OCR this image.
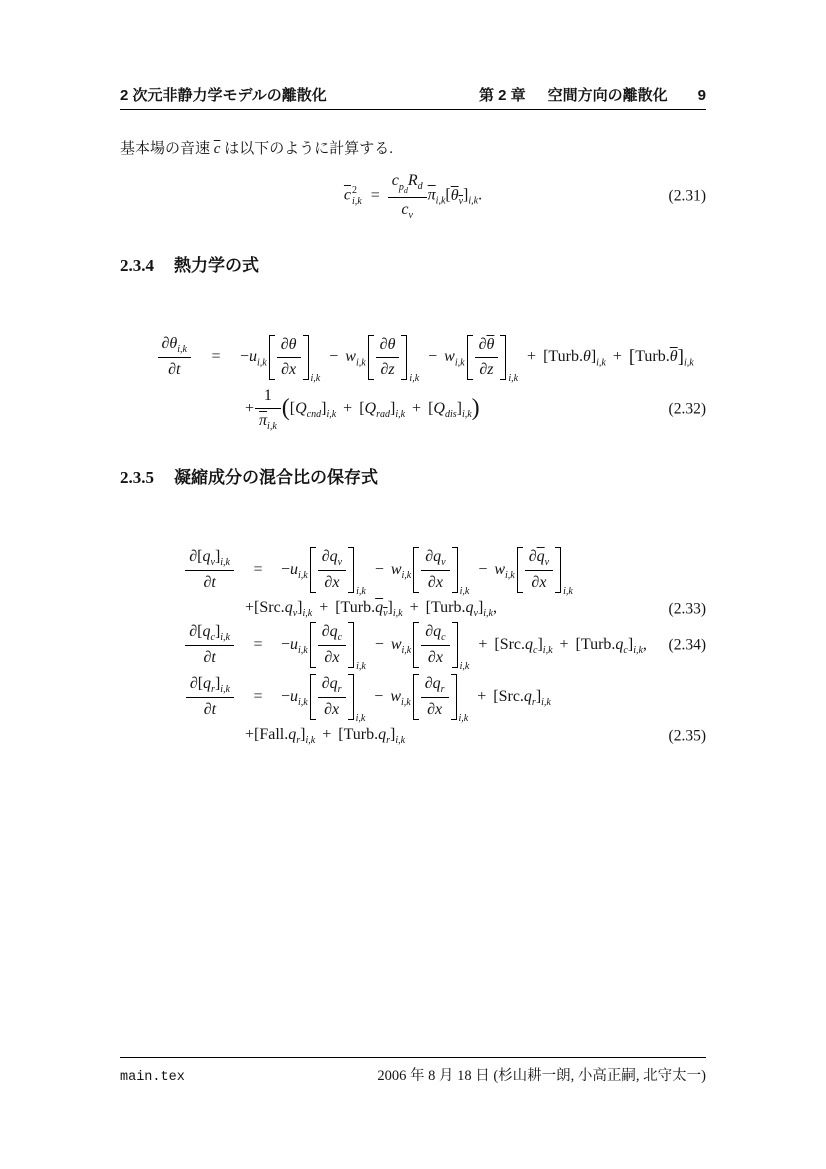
2 次元非静力学モデルの離散化	第 2 章 空間方向の離散化 9
基本場の音速 $\overline{c}$ は以下のように計算する.
$\overline{c}$ 2
$i,k = \frac{c_{p_d}R_d}{c_v} \overline{\pi}_{i,k}[\theta_v]_{i,k}$.	(2.31)
2.3.4 熱力学の式
$\frac{\partial\theta_{i,k}}{\partial t}$	=	$-u_{i,k} \frac{\partial\theta}{\partial x} i,k$
− $w_{i,k} \frac{\partial\theta}{\partial z} i,k$
− $w_{i,k} \frac{\partial\overline{\theta}}{\partial z} i,k$
+ $[Turb.\theta]_{i,k}$ + $[Turb.\overline{\theta}]_{i,k}$
+ $\frac{1}{\overline{\pi}_{i,k}} ([Q_{cnd}]_{i,k} + [Q_{rad}]_{i,k} + [Q_{dis}]_{i,k})$	(2.32)
2.3.5 凝縮成分の混合比の保存式
$\frac{\partial[q_v]_{i,k}}{\partial t}$	=	$-u_{i,k} \frac{\partial q_v}{\partial x} i,k$
− $w_{i,k} \frac{\partial q_v}{\partial x} i,k$
− $w_{i,k} \frac{\partial\overline{q}_v}{\partial x} i,k$
$+[Src.q_v]_{i,k}$ + $[Turb.q_v]_{i,k}$ + $[Turb.q_v]_{i,k}$,	(2.33)
$\frac{\partial[q_c]_{i,k}}{\partial t}$	=	$-u_{i,k} \frac{\partial q_c}{\partial x} i,k$
− $w_{i,k} \frac{\partial q_c}{\partial x} i,k$
+ $[Src.q_c]_{i,k}$ + $[Turb.q_c]_{i,k}$, (2.34)
$\frac{\partial[q_r]_{i,k}}{\partial t}$	=	$-u_{i,k} \frac{\partial q_r}{\partial x} i,k$
− $w_{i,k} \frac{\partial q_r}{\partial x} i,k$
+ $[Src.q_r]_{i,k}$
$+[Fall.q_r]_{i,k}$ + $[Turb.q_r]_{i,k}$	(2.35)
main.tex	2006 年 8 月 18 日 (杉山耕一朗, 小高正嗣, 北守太一)
